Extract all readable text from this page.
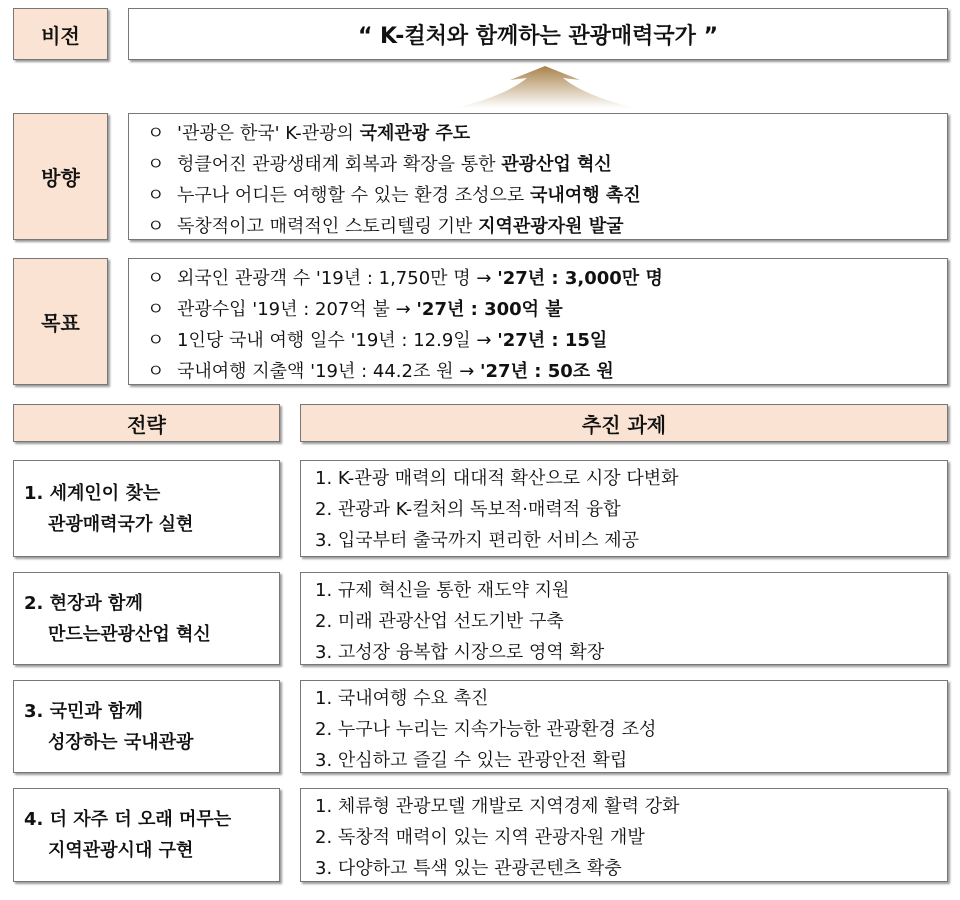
비전	“ K-컬처와 함께하는 관광매력국가 ”
방향
ㅇ '관광은 한국' K-관광의 국제관광 주도
ㅇ 헝클어진 관광생태계 회복과 확장을 통한 관광산업 혁신
ㅇ 누구나 어디든 여행할 수 있는 환경 조성으로 국내여행 촉진
ㅇ 독창적이고 매력적인 스토리텔링 기반 지역관광자원 발굴
목표
ㅇ 외국인 관광객 수 '19년 : 1,750만 명 → '27년 : 3,000만 명
ㅇ 관광수입 '19년 : 207억 불 → '27년 : 300억 불
ㅇ 1인당 국내 여행 일수 '19년 : 12.9일 → '27년 : 15일
ㅇ 국내여행 지출액 '19년 : 44.2조 원 → '27년 : 50조 원
전략	추진 과제
1. 세계인이 찾는
관광매력국가 실현
1. K-관광 매력의 대대적 확산으로 시장 다변화
2. 관광과 K-컬처의 독보적·매력적 융합
3. 입국부터 출국까지 편리한 서비스 제공
2. 현장과 함께
만드는관광산업 혁신
1. 규제 혁신을 통한 재도약 지원
2. 미래 관광산업 선도기반 구축
3. 고성장 융복합 시장으로 영역 확장
3. 국민과 함께
성장하는 국내관광
1. 국내여행 수요 촉진
2. 누구나 누리는 지속가능한 관광환경 조성
3. 안심하고 즐길 수 있는 관광안전 확립
4. 더 자주 더 오래 머무는
지역관광시대 구현
1. 체류형 관광모델 개발로 지역경제 활력 강화
2. 독창적 매력이 있는 지역 관광자원 개발
3. 다양하고 특색 있는 관광콘텐츠 확충
